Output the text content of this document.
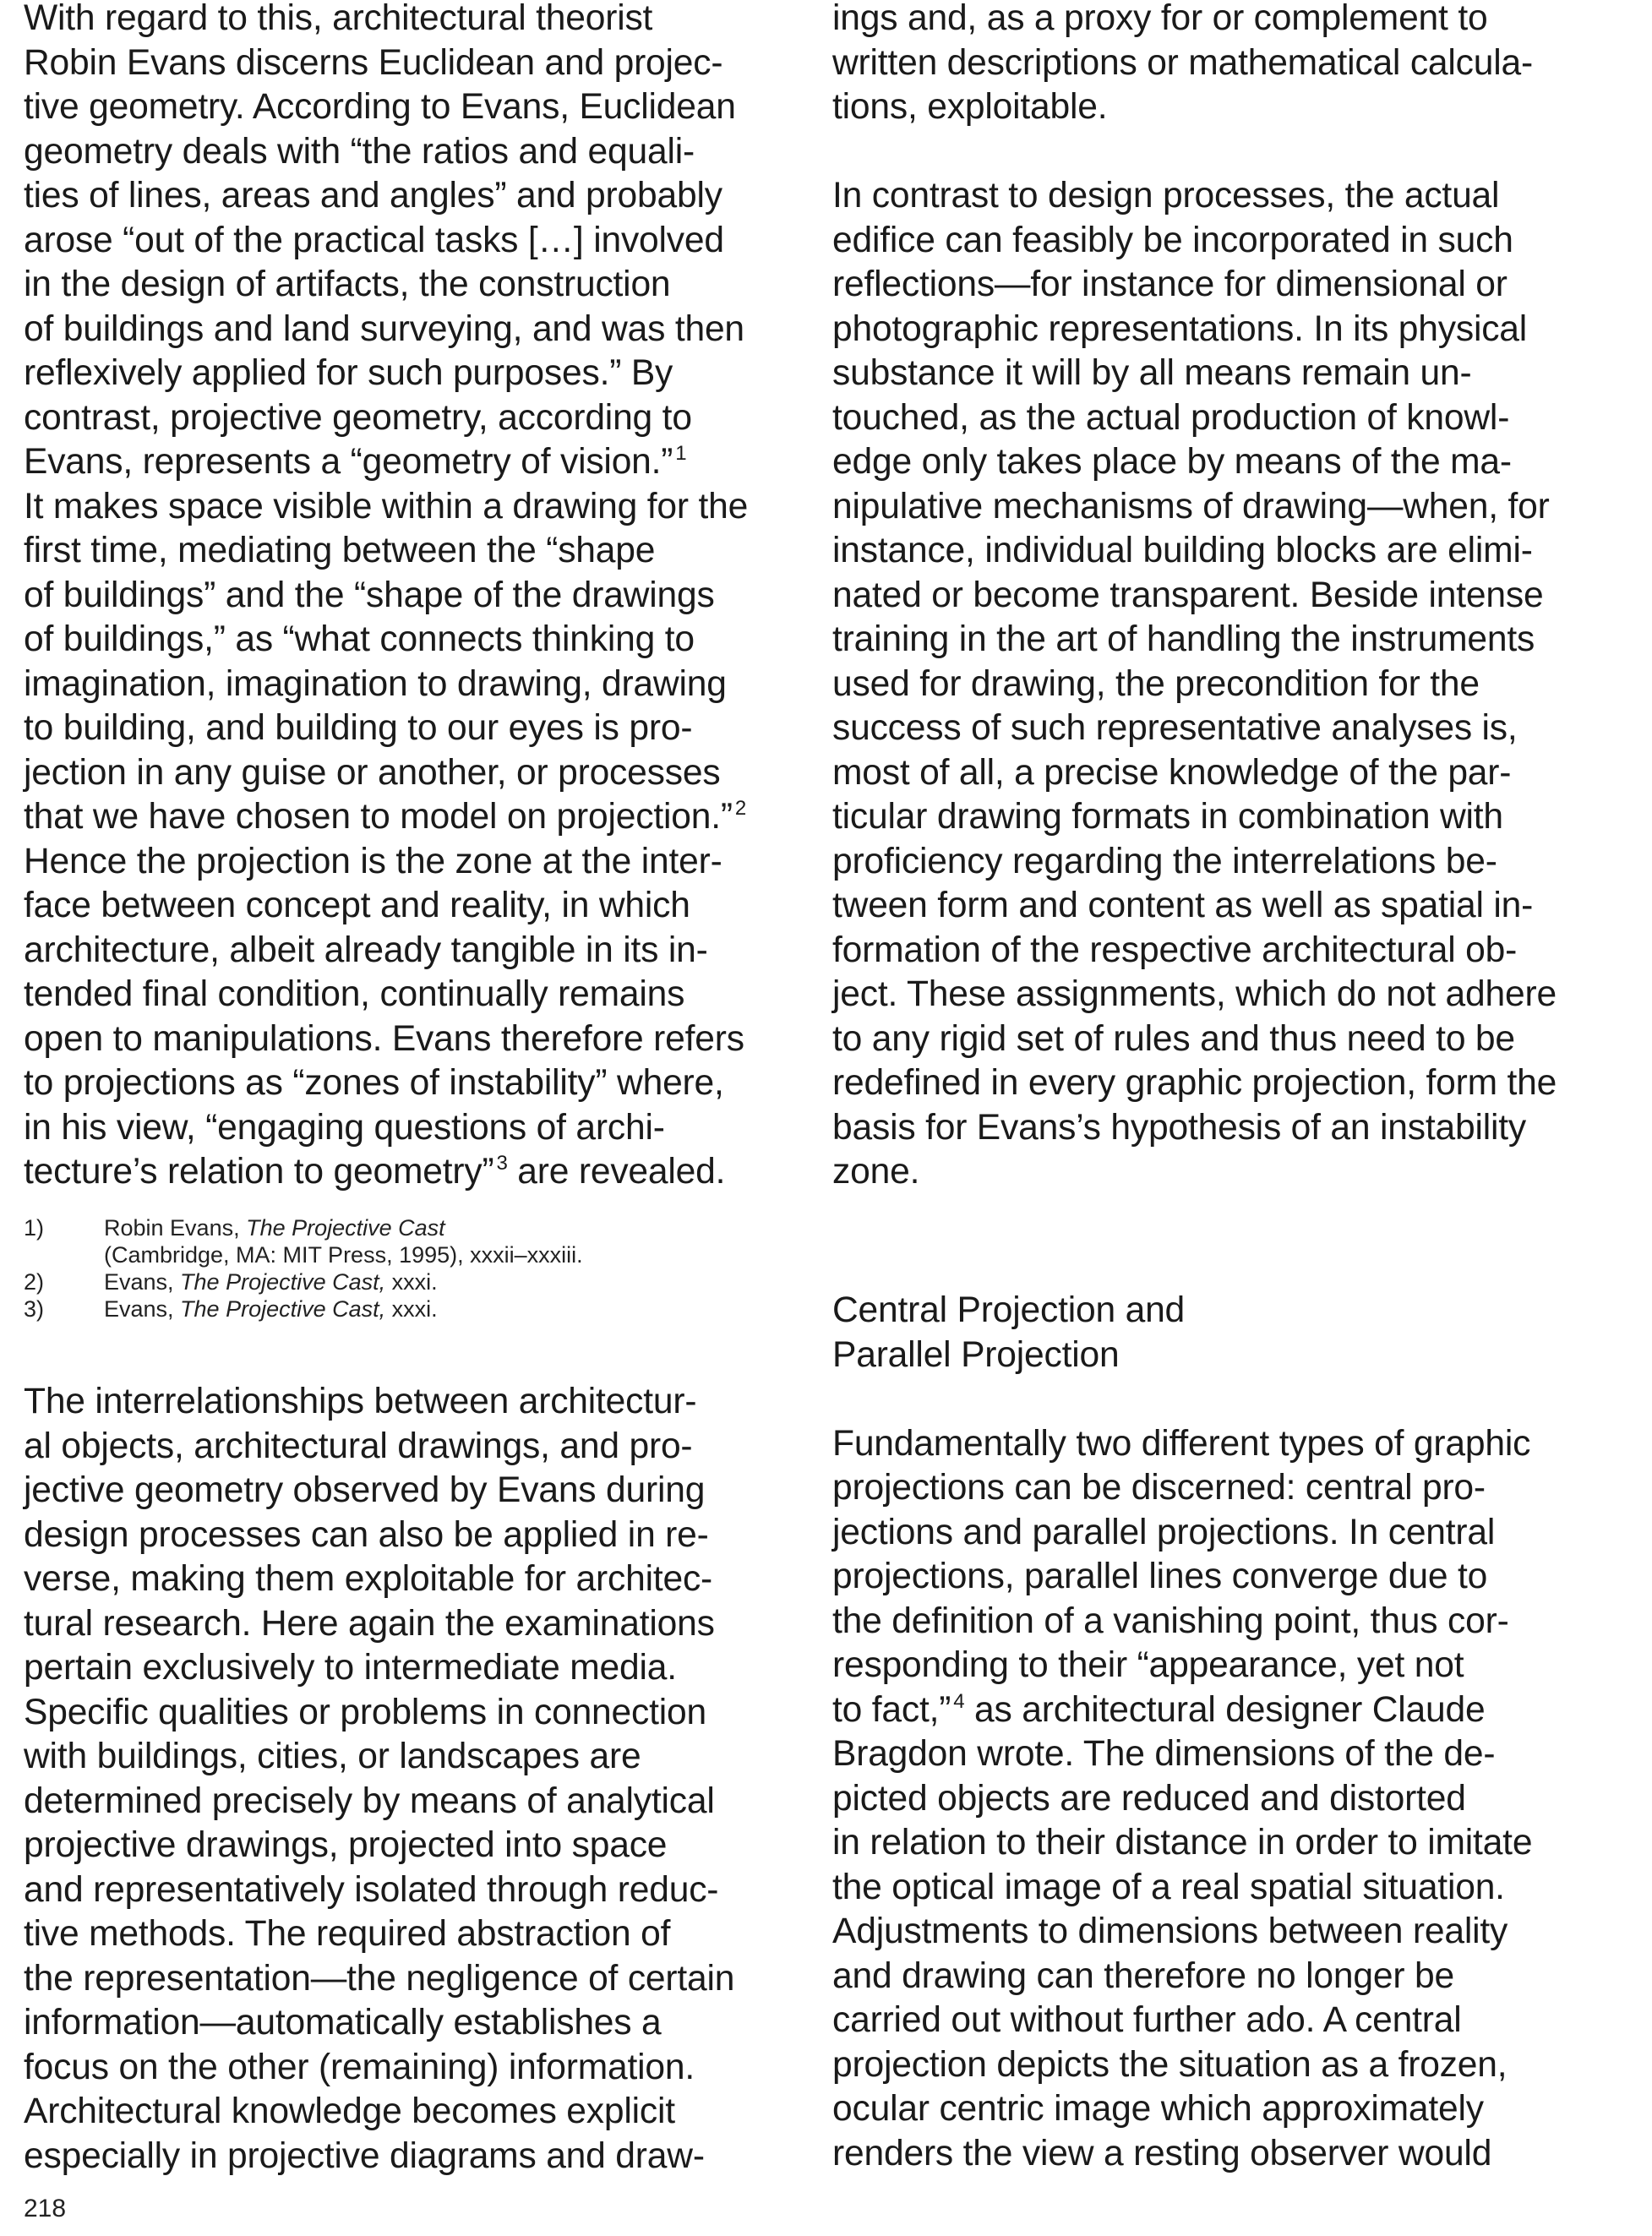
With regard to this, architectural theorist
Robin Evans discerns Euclidean and projec-
tive geometry. According to Evans, Euclidean
geometry deals with “the ratios and equali-
ties of lines, areas and angles” and probably
arose “out of the practical tasks […] involved
in the design of artifacts, the construction
of buildings and land surveying, and was then
reflexively applied for such purposes.” By
contrast, projective geometry, according to
Evans, represents a “geometry of vision.” $^1$
It makes space visible within a drawing for the
first time, mediating between the “shape
of buildings” and the “shape of the drawings
of buildings,” as “what connects thinking to
imagination, imagination to drawing, drawing
to building, and building to our eyes is pro-
jection in any guise or another, or processes
that we have chosen to model on projection.” $^2$
Hence the projection is the zone at the inter-
face between concept and reality, in which
architecture, albeit already tangible in its in-
tended final condition, continually remains
open to manipulations. Evans therefore refers
to projections as “zones of instability” where,
in his view, “engaging questions of archi-
tecture’s relation to geometry” $^3$ are revealed.
1)	Robin Evans, The Projective Cast
(Cambridge, MA: MIT Press, 1995), xxxii–xxxiii.
2)	Evans, The Projective Cast, xxxi.
3)	Evans, The Projective Cast, xxxi.
The interrelationships between architectur-
al objects, architectural drawings, and pro-
jective geometry observed by Evans during
design processes can also be applied in re-
verse, making them exploitable for architec-
tural research. Here again the examinations
pertain exclusively to intermediate media.
Specific qualities or problems in connection
with buildings, cities, or landscapes are
determined precisely by means of analytical
projective drawings, projected into space
and representatively isolated through reduc-
tive methods. The required abstraction of
the representation—the negligence of certain
information—automatically establishes a
focus on the other (remaining) information.
Architectural knowledge becomes explicit
especially in projective diagrams and draw-
ings and, as a proxy for or complement to
written descriptions or mathematical calcula-
tions, exploitable.
In contrast to design processes, the actual
edifice can feasibly be incorporated in such
reflections—for instance for dimensional or
photographic representations. In its physical
substance it will by all means remain un-
touched, as the actual production of knowl-
edge only takes place by means of the ma-
nipulative mechanisms of drawing—when, for
instance, individual building blocks are elimi-
nated or become transparent. Beside intense
training in the art of handling the instruments
used for drawing, the precondition for the
success of such representative analyses is,
most of all, a precise knowledge of the par-
ticular drawing formats in combination with
proficiency regarding the interrelations be-
tween form and content as well as spatial in-
formation of the respective architectural ob-
ject. These assignments, which do not adhere
to any rigid set of rules and thus need to be
redefined in every graphic projection, form the
basis for Evans’s hypothesis of an instability
zone.
Central Projection and
Parallel Projection
Fundamentally two different types of graphic
projections can be discerned: central pro-
jections and parallel projections. In central
projections, parallel lines converge due to
the definition of a vanishing point, thus cor-
responding to their “appearance, yet not
to fact,” $^4$ as architectural designer Claude
Bragdon wrote. The dimensions of the de-
picted objects are reduced and distorted
in relation to their distance in order to imitate
the optical image of a real spatial situation.
Adjustments to dimensions between reality
and drawing can therefore no longer be
carried out without further ado. A central
projection depicts the situation as a frozen,
ocular centric image which approximately
renders the view a resting observer would
218
